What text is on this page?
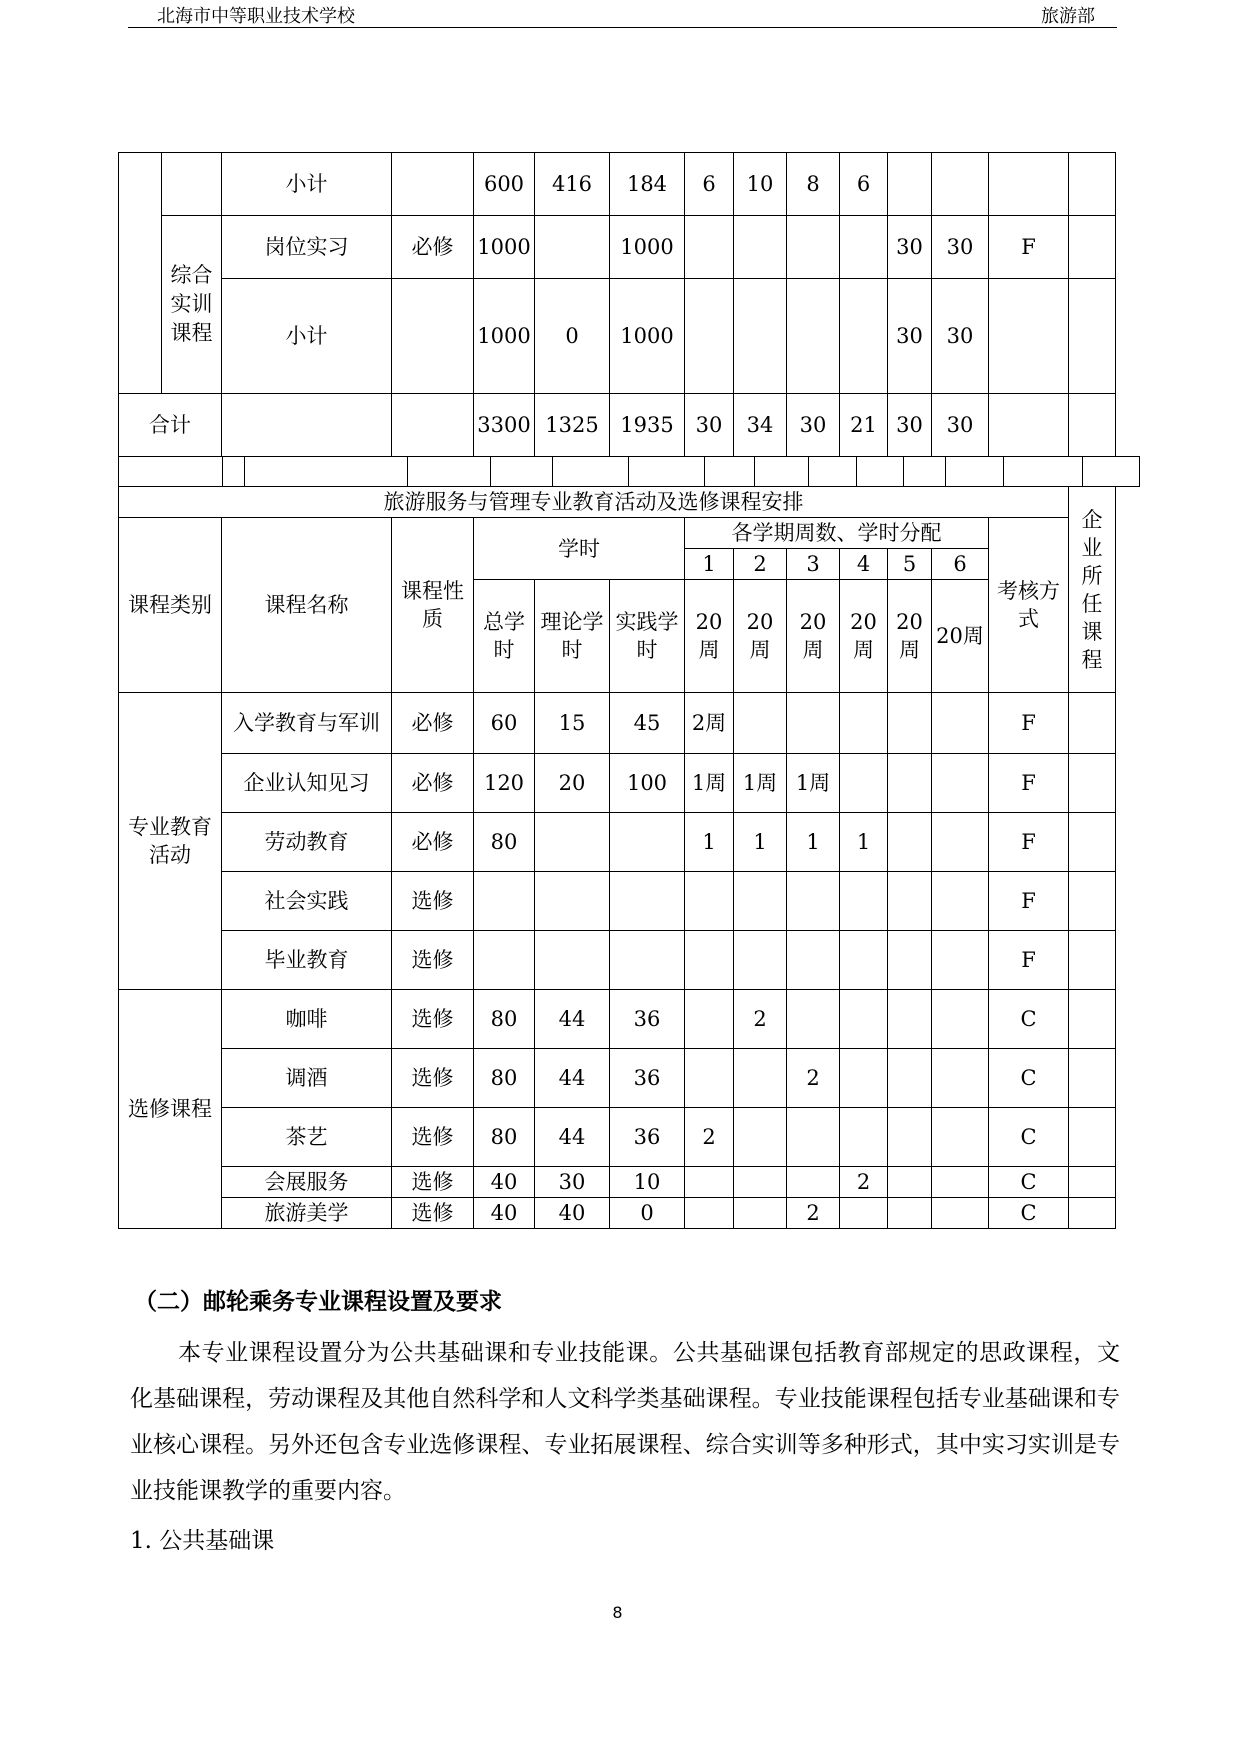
北海市中等职业技术学校	旅游部
		小计		600	416	184	6	10	8	6				
	综合实训课程	岗位实习	必修	1000		1000					30	30	F	
		小计		1000	0	1000					30	30		
合计				3300	1325	1935	30	34	30	21	30	30		

旅游服务与管理专业教育活动及选修课程安排													企业所任课程
课程类别	课程名称	课程性质	学时			各学期周数、学时分配						考核方式	
						1	2	3	4	5	6		
			总学时	理论学时	实践学时	20周	20周	20周	20周	20周	20周		
专业教育活动	入学教育与军训	必修	60	15	45	2周						F	
	企业认知见习	必修	120	20	100	1周	1周	1周				F	
	劳动教育	必修	80			1	1	1	1			F	
	社会实践	选修										F	
	毕业教育	选修										F	
选修课程	咖啡	选修	80	44	36		2					C	
	调酒	选修	80	44	36			2				C	
	茶艺	选修	80	44	36	2						C	
	会展服务	选修	40	30	10				2			C	
	旅游美学	选修	40	40	0			2				C	
（二）邮轮乘务专业课程设置及要求
本专业课程设置分为公共基础课和专业技能课。公共基础课包括教育部规定的思政课程，文化基础课程，劳动课程及其他自然科学和人文科学类基础课程。专业技能课程包括专业基础课和专业核心课程。另外还包含专业选修课程、专业拓展课程、综合实训等多种形式，其中实习实训是专业技能课教学的重要内容。
1. 公共基础课
8
